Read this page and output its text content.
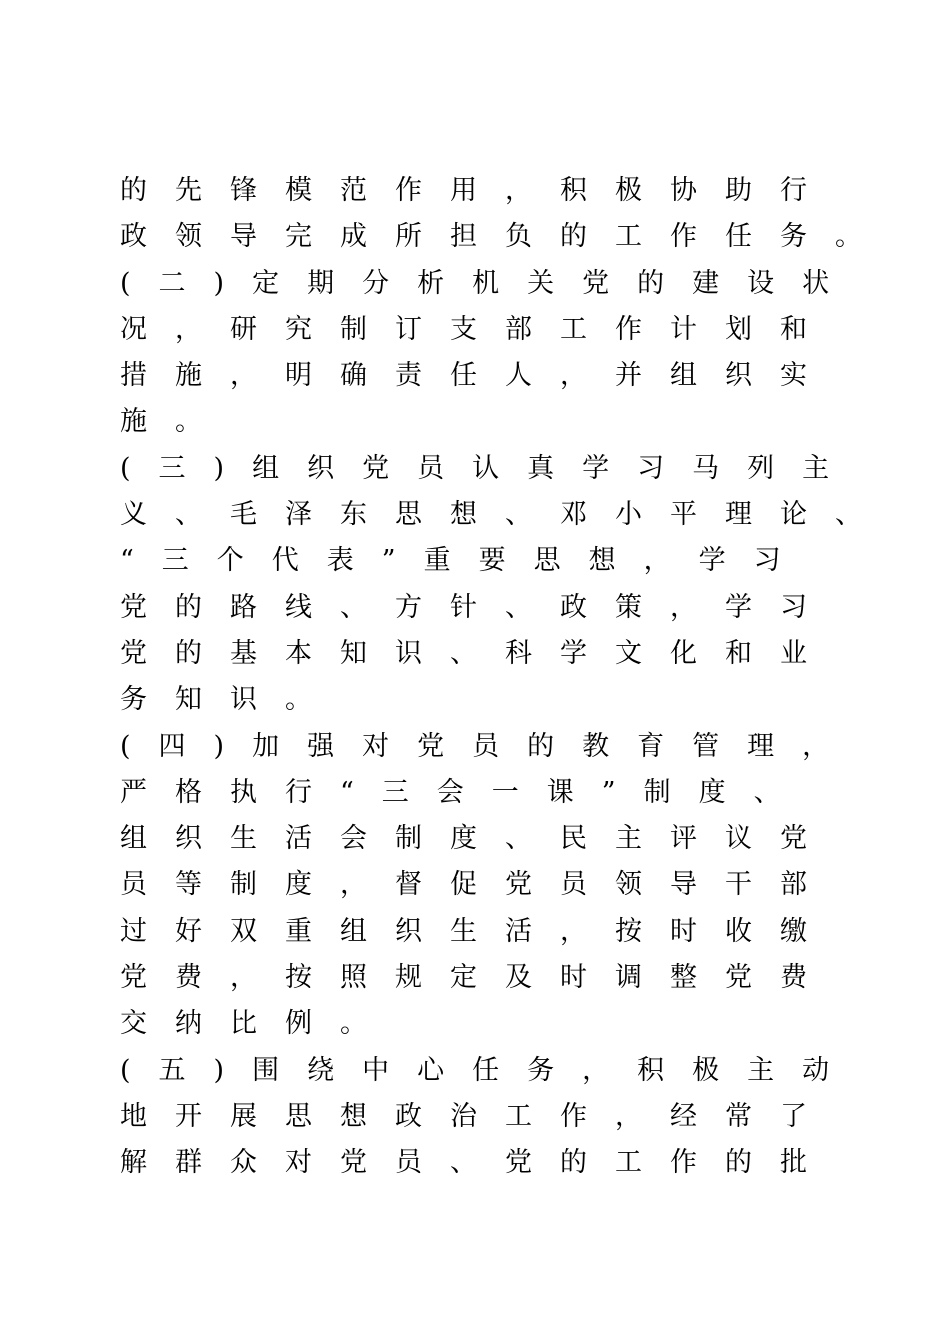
的先锋模范作用，积极协助行
政领导完成所担负的工作任务。
(二)定期分析机关党的建设状
况，研究制订支部工作计划和
措施，明确责任人，并组织实
施。
(三)组织党员认真学习马列主
义、毛泽东思想、邓小平理论、
“三个代表”重要思想，学习
党的路线、方针、政策，学习
党的基本知识、科学文化和业
务知识。
(四)加强对党员的教育管理，
严格执行“三会一课”制度、
组织生活会制度、民主评议党
员等制度，督促党员领导干部
过好双重组织生活，按时收缴
党费，按照规定及时调整党费
交纳比例。
(五)围绕中心任务，积极主动
地开展思想政治工作，经常了
解群众对党员、党的工作的批
